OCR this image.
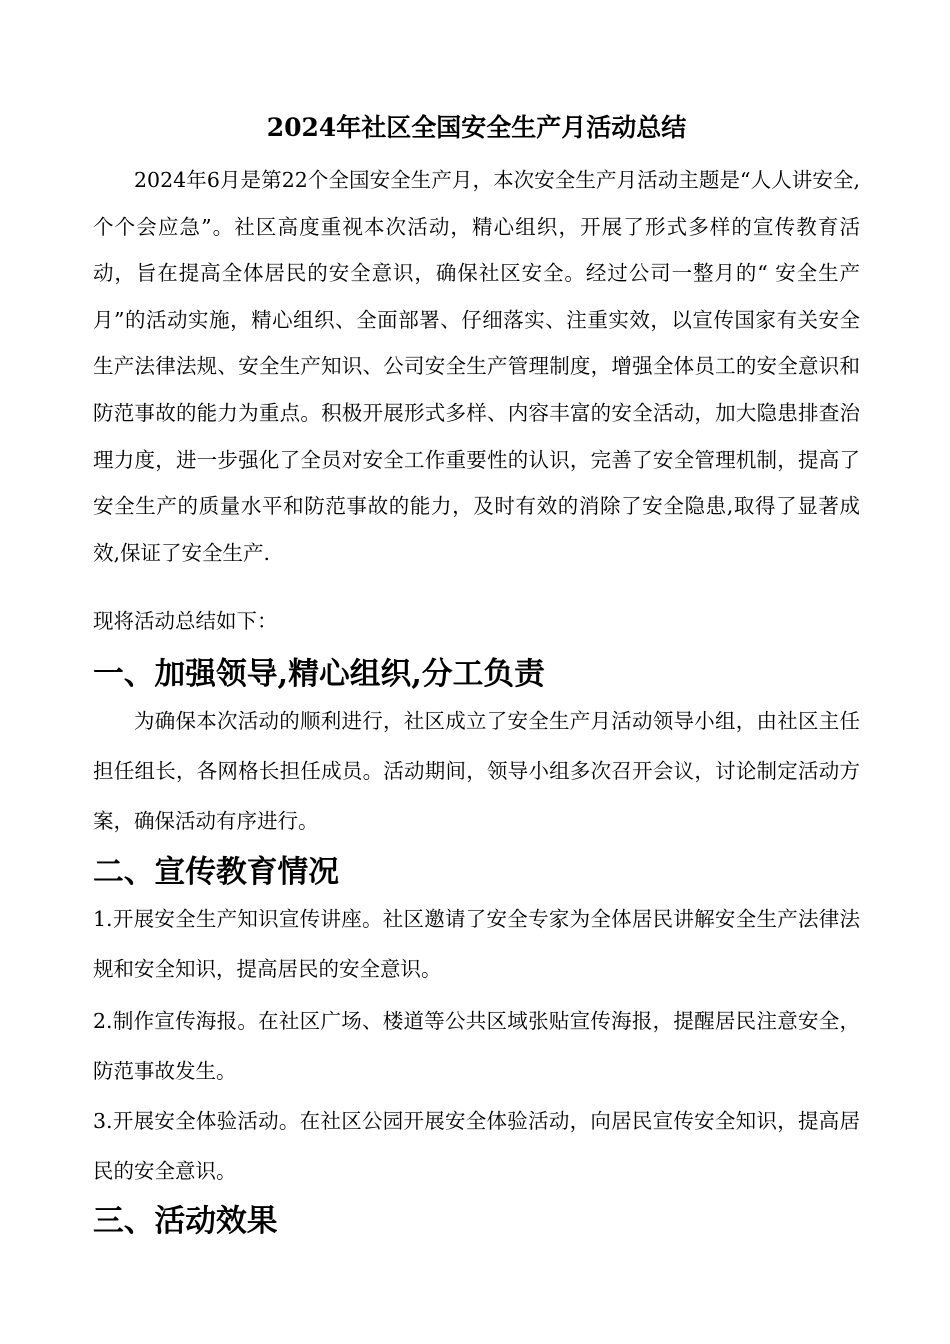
2024年社区全国安全生产月活动总结

2024年6月是第22个全国安全生产月，本次安全生产月活动主题是“人人讲安全,个个会应急”。社区高度重视本次活动，精心组织，开展了形式多样的宣传教育活动，旨在提高全体居民的安全意识，确保社区安全。经过公司一整月的“ 安全生产月”的活动实施，精心组织、全面部署、仔细落实、注重实效，以宣传国家有关安全生产法律法规、安全生产知识、公司安全生产管理制度，增强全体员工的安全意识和防范事故的能力为重点。积极开展形式多样、内容丰富的安全活动，加大隐患排查治理力度，进一步强化了全员对安全工作重要性的认识，完善了安全管理机制，提高了安全生产的质量水平和防范事故的能力，及时有效的消除了安全隐患,取得了显著成效,保证了安全生产.

现将活动总结如下：

一、加强领导,精心组织,分工负责

为确保本次活动的顺利进行，社区成立了安全生产月活动领导小组，由社区主任担任组长，各网格长担任成员。活动期间，领导小组多次召开会议，讨论制定活动方案，确保活动有序进行。

二、宣传教育情况

1.开展安全生产知识宣传讲座。社区邀请了安全专家为全体居民讲解安全生产法律法规和安全知识，提高居民的安全意识。

2.制作宣传海报。在社区广场、楼道等公共区域张贴宣传海报，提醒居民注意安全，防范事故发生。

3.开展安全体验活动。在社区公园开展安全体验活动，向居民宣传安全知识，提高居民的安全意识。

三、活动效果
